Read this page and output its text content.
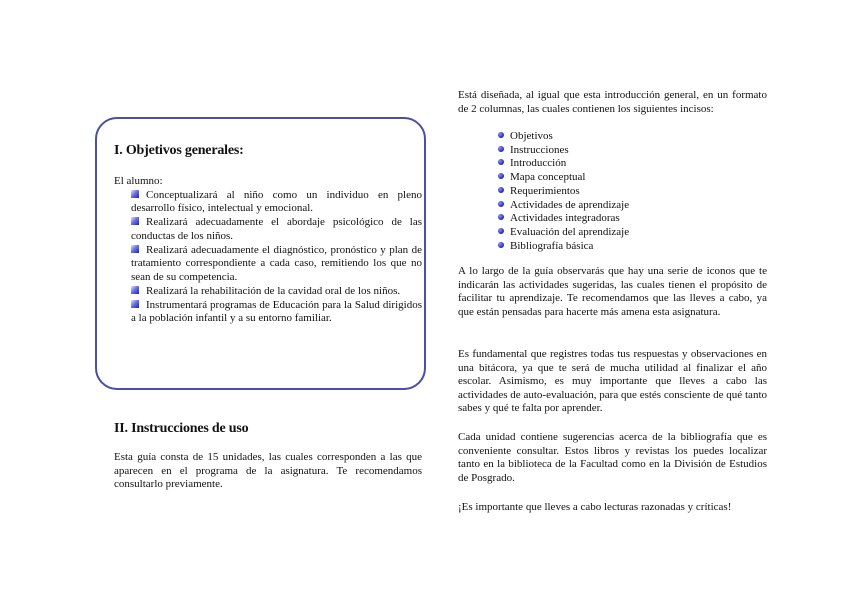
I. Objetivos generales:
El alumno:
Conceptualizará al niño como un individuo en pleno desarrollo físico, intelectual y emocional.
Realizará adecuadamente el abordaje psicológico de las conductas de los niños.
Realizará adecuadamente el diagnóstico, pronóstico y plan de tratamiento correspondiente a cada caso, remitiendo los que no sean de su competencia.
Realizará la rehabilitación de la cavidad oral de los niños.
Instrumentará programas de Educación para la Salud dirigidos a la población infantil y a su entorno familiar.
II. Instrucciones de uso

Esta guía consta de 15 unidades, las cuales corresponden a las que aparecen en el programa de la asignatura. Te recomendamos consultarlo previamente.

Está diseñada, al igual que esta introducción general, en un formato de 2 columnas, las cuales contienen los siguientes incisos:

Objetivos
Instrucciones
Introducción
Mapa conceptual
Requerimientos
Actividades de aprendizaje
Actividades integradoras
Evaluación del aprendizaje
Bibliografía básica

A lo largo de la guía observarás que hay una serie de iconos que te indicarán las actividades sugeridas, las cuales tienen el propósito de facilitar tu aprendizaje. Te recomendamos que las lleves a cabo, ya que están pensadas para hacerte más amena esta asignatura.

Es fundamental que registres todas tus respuestas y observaciones en una bitácora, ya que te será de mucha utilidad al finalizar el año escolar. Asimismo, es muy importante que lleves a cabo las actividades de auto-evaluación, para que estés consciente de qué tanto sabes y qué te falta por aprender.

Cada unidad contiene sugerencias acerca de la bibliografía que es conveniente consultar. Estos libros y revistas los puedes localizar tanto en la biblioteca de la Facultad como en la División de Estudios de Posgrado.

¡Es importante que lleves a cabo lecturas razonadas y críticas!
